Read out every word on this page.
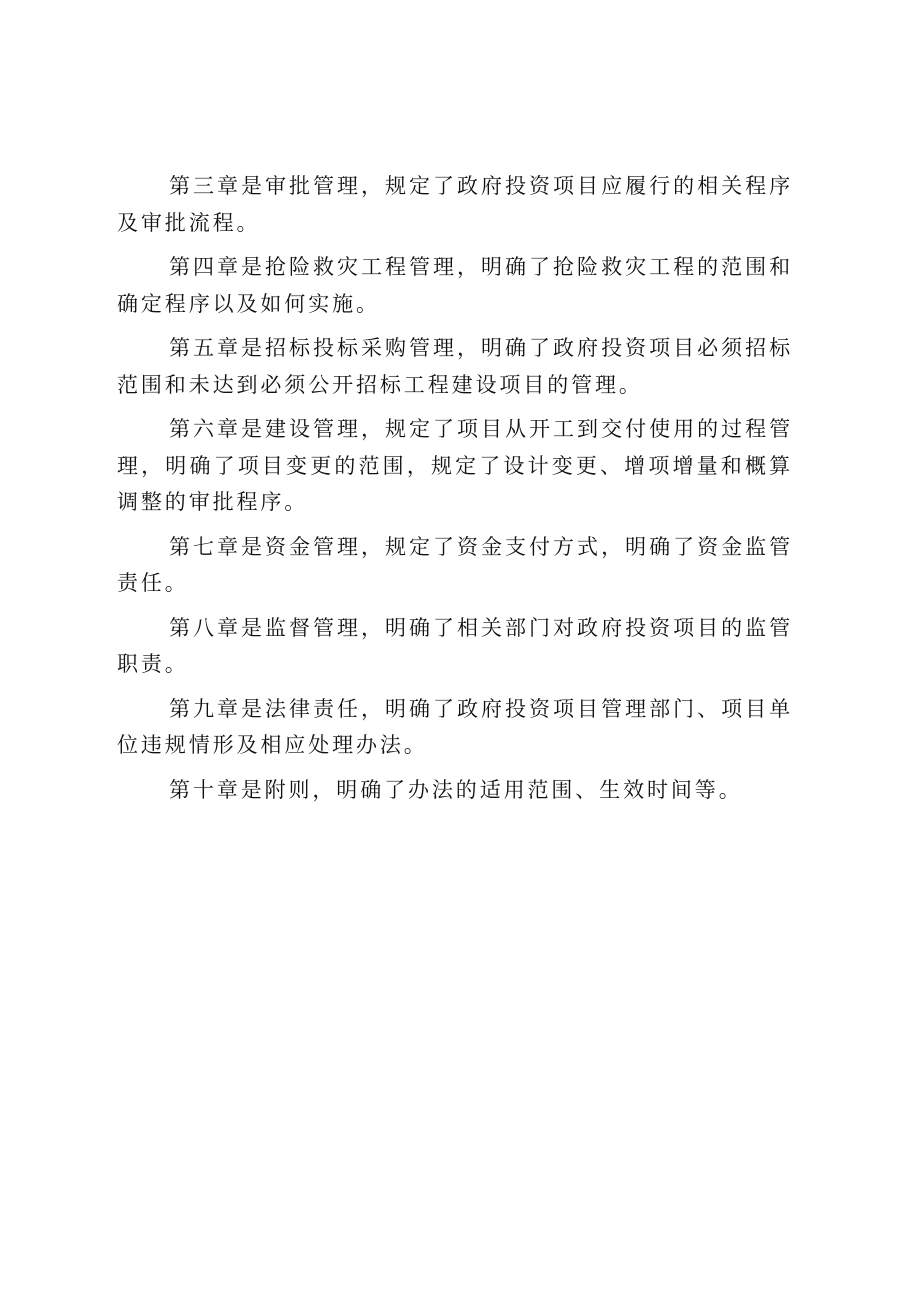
第三章是审批管理，规定了政府投资项目应履行的相关程序及审批流程。

第四章是抢险救灾工程管理，明确了抢险救灾工程的范围和确定程序以及如何实施。

第五章是招标投标采购管理，明确了政府投资项目必须招标范围和未达到必须公开招标工程建设项目的管理。

第六章是建设管理，规定了项目从开工到交付使用的过程管理，明确了项目变更的范围，规定了设计变更、增项增量和概算调整的审批程序。

第七章是资金管理，规定了资金支付方式，明确了资金监管责任。

第八章是监督管理，明确了相关部门对政府投资项目的监管职责。

第九章是法律责任，明确了政府投资项目管理部门、项目单位违规情形及相应处理办法。

第十章是附则，明确了办法的适用范围、生效时间等。
